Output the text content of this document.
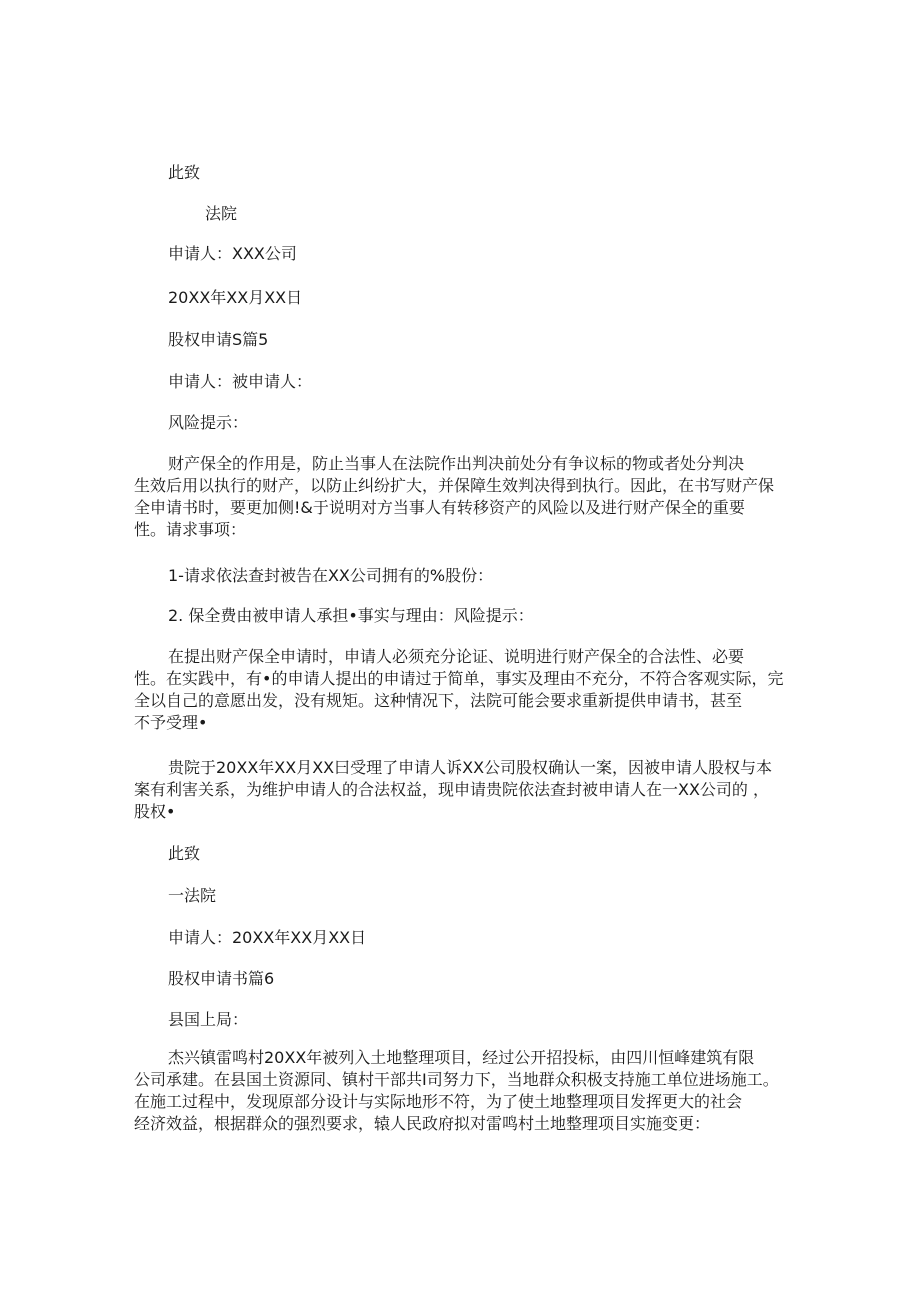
此致
法院
申请人：XXX公司
20XX年XX月XX日
股权申请S篇5
申请人：被申请人：
风险提示：
财产保全的作用是，防止当事人在法院作出判决前处分有争议标的物或者处分判决
生效后用以执行的财产，以防止纠纷扩大，并保障生效判决得到执行。因此，在书写财产保
全申请书时，要更加侧!&于说明对方当事人有转移资产的风险以及进行财产保全的重要
性。请求事项：
1-请求依法查封被告在XX公司拥有的%股份：
2. 保全费由被申请人承担•事实与理由：风险提示：
在提出财产保全申请时，申请人必须充分论证、说明进行财产保全的合法性、必要
性。在实践中，有•的申请人提出的申请过于简单，事实及理由不充分，不符合客观实际，完
全以自己的意愿出发，没有规矩。这种情况下，法院可能会要求重新提供申请书，甚至
不予受理•
贵院于20XX年XX月XX曰受理了申请人诉XX公司股权确认一案，因被申请人股权与本
案有利害关系，为维护申请人的合法权益，现申请贵院依法查封被申请人在一XX公司的 ，
股权•
此致
一法院
申请人：20XX年XX月XX日
股权申请书篇6
县国上局：
杰兴镇雷鸣村20XX年被列入土地整理项目，经过公开招投标，由四川恒峰建筑有限
公司承建。在县国土资源同、镇村干部共I司努力下，当地群众积极支持施工单位进场施工。
在施工过程中，发现原部分设计与实际地形不符，为了使土地整理项目发挥更大的社会
经济效益，根据群众的强烈要求，辕人民政府拟对雷鸣村土地整理项目实施变更：
